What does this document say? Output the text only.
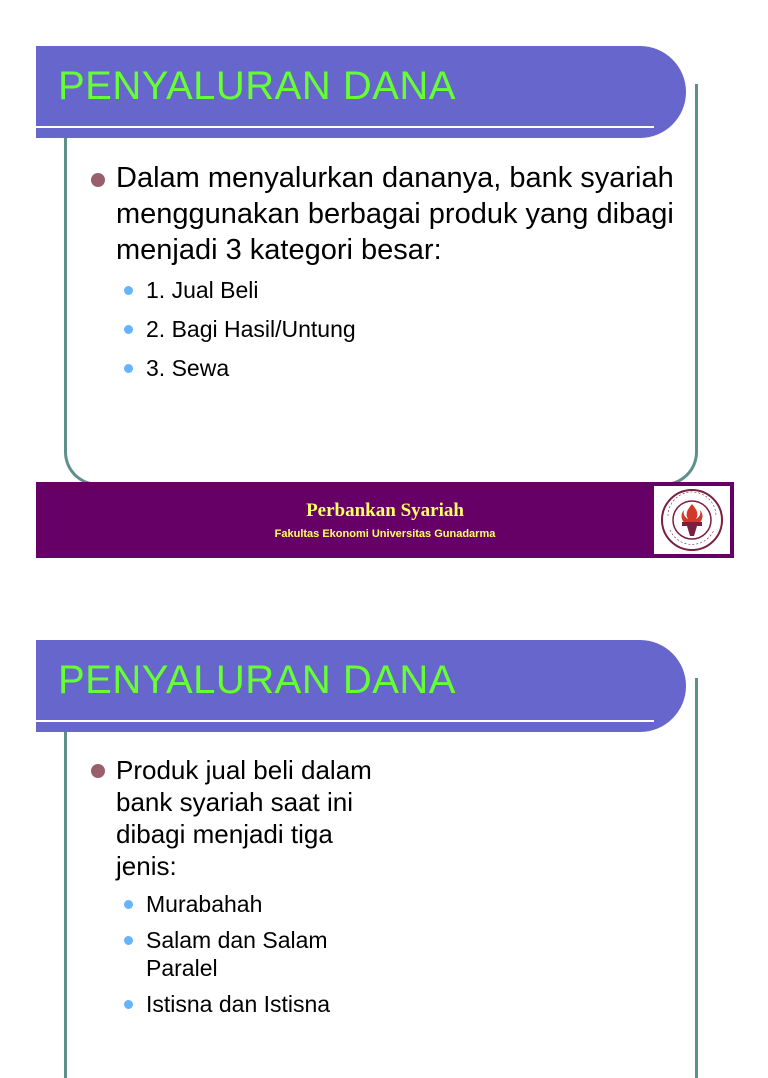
PENYALURAN DANA
Dalam menyalurkan dananya, bank syariah menggunakan berbagai produk yang dibagi menjadi 3 kategori besar:
1. Jual Beli
2. Bagi Hasil/Untung
3. Sewa
Perbankan Syariah
Fakultas Ekonomi Universitas Gunadarma
PENYALURAN DANA
Produk jual beli dalam bank syariah saat ini dibagi menjadi tiga jenis:
Murabahah
Salam dan Salam Paralel
Istisna dan Istisna
